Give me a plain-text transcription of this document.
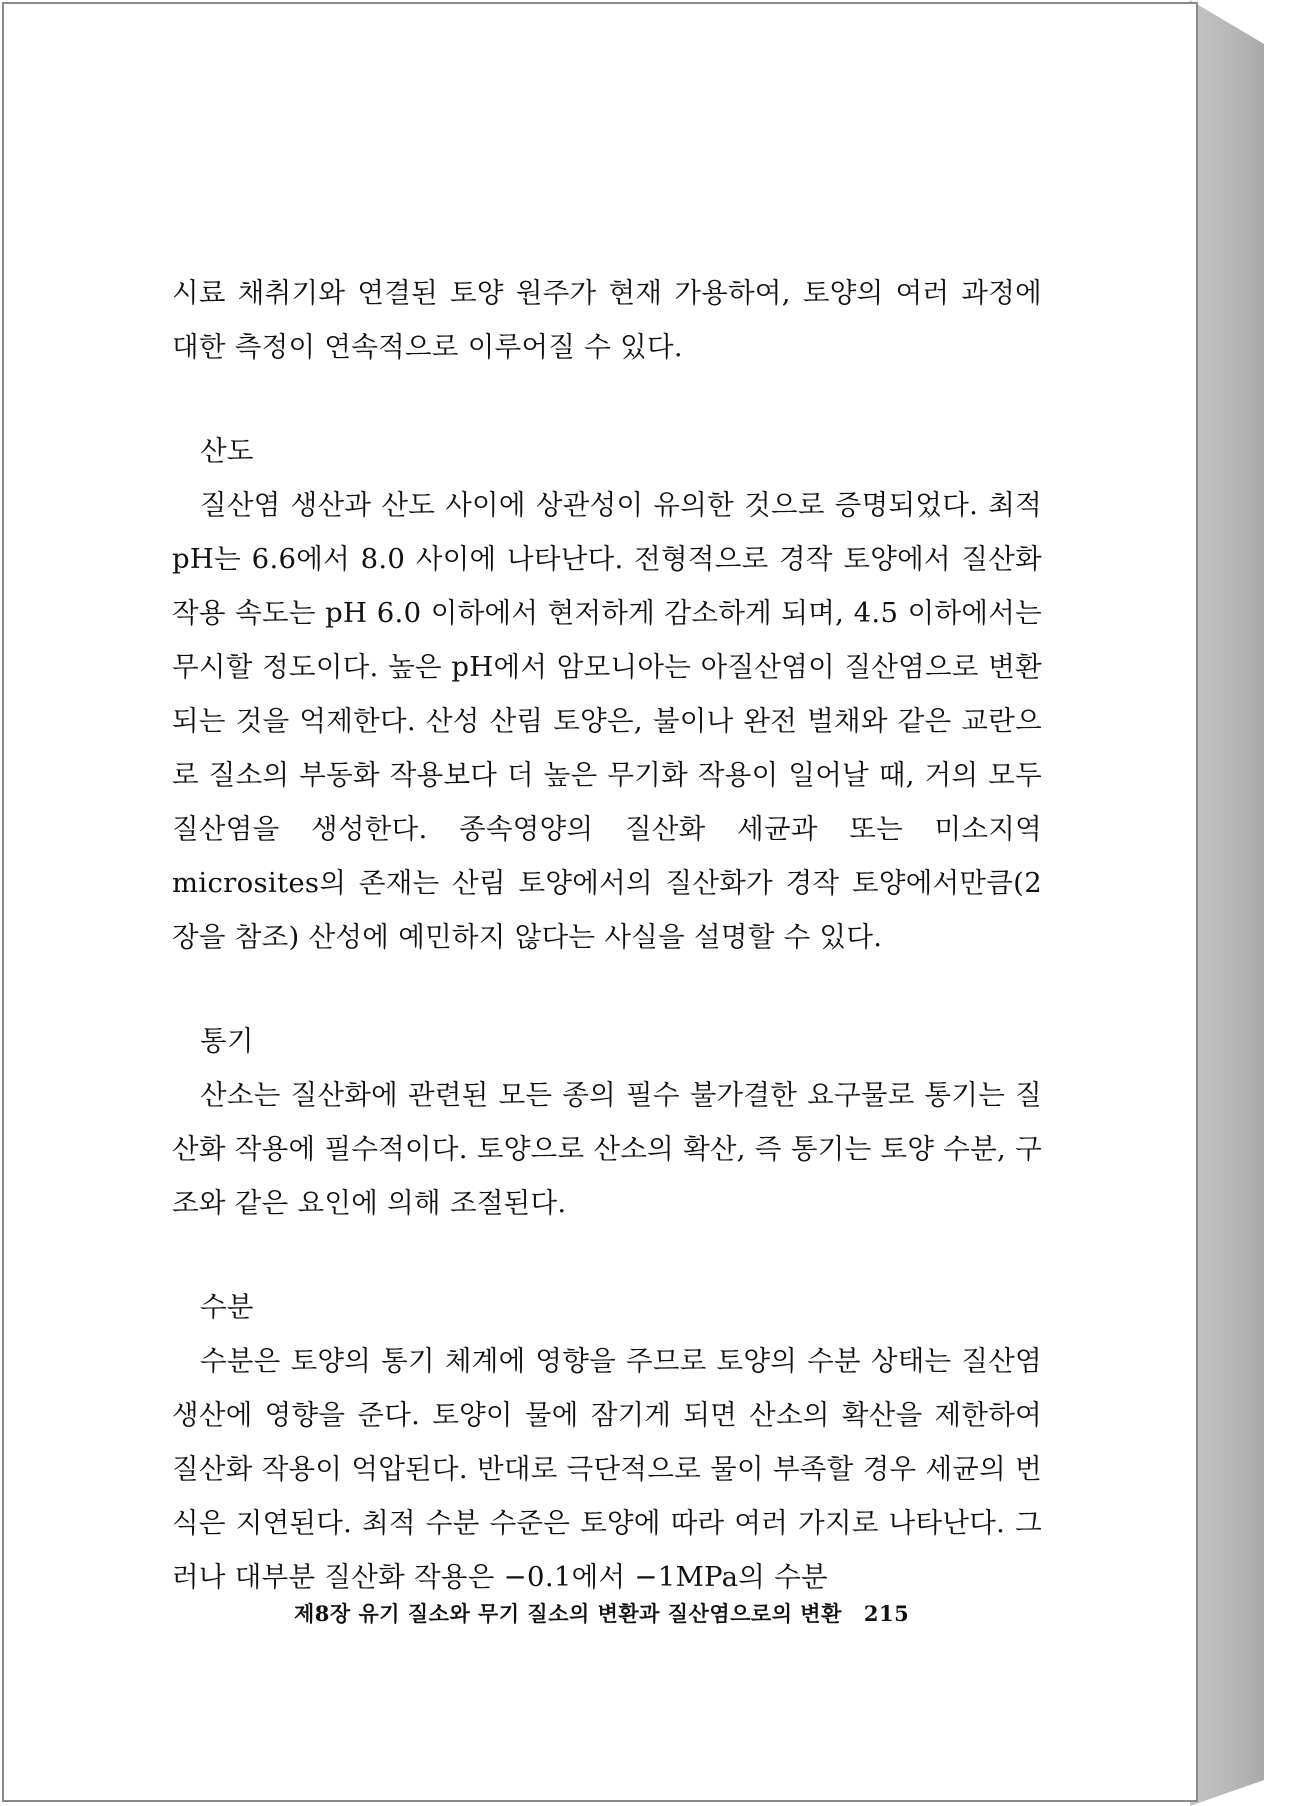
시료 채취기와 연결된 토양 원주가 현재 가용하여, 토양의 여러 과정에 대한 측정이 연속적으로 이루어질 수 있다.

산도

질산염 생산과 산도 사이에 상관성이 유의한 것으로 증명되었다. 최적 pH는 6.6에서 8.0 사이에 나타난다. 전형적으로 경작 토양에서 질산화 작용 속도는 pH 6.0 이하에서 현저하게 감소하게 되며, 4.5 이하에서는 무시할 정도이다. 높은 pH에서 암모니아는 아질산염이 질산염으로 변환되는 것을 억제한다. 산성 산림 토양은, 불이나 완전 벌채와 같은 교란으로 질소의 부동화 작용보다 더 높은 무기화 작용이 일어날 때, 거의 모두 질산염을 생성한다. 종속영양의 질산화 세균과 또는 미소지역 microsites의 존재는 산림 토양에서의 질산화가 경작 토양에서만큼(2장을 참조) 산성에 예민하지 않다는 사실을 설명할 수 있다.

통기

산소는 질산화에 관련된 모든 종의 필수 불가결한 요구물로 통기는 질산화 작용에 필수적이다. 토양으로 산소의 확산, 즉 통기는 토양 수분, 구조와 같은 요인에 의해 조절된다.

수분

수분은 토양의 통기 체계에 영향을 주므로 토양의 수분 상태는 질산염 생산에 영향을 준다. 토양이 물에 잠기게 되면 산소의 확산을 제한하여 질산화 작용이 억압된다. 반대로 극단적으로 물이 부족할 경우 세균의 번식은 지연된다. 최적 수분 수준은 토양에 따라 여러 가지로 나타난다. 그러나 대부분 질산화 작용은 −0.1에서 −1MPa의 수분

제8장 유기 질소와 무기 질소의 변환과 질산염으로의 변환 215
